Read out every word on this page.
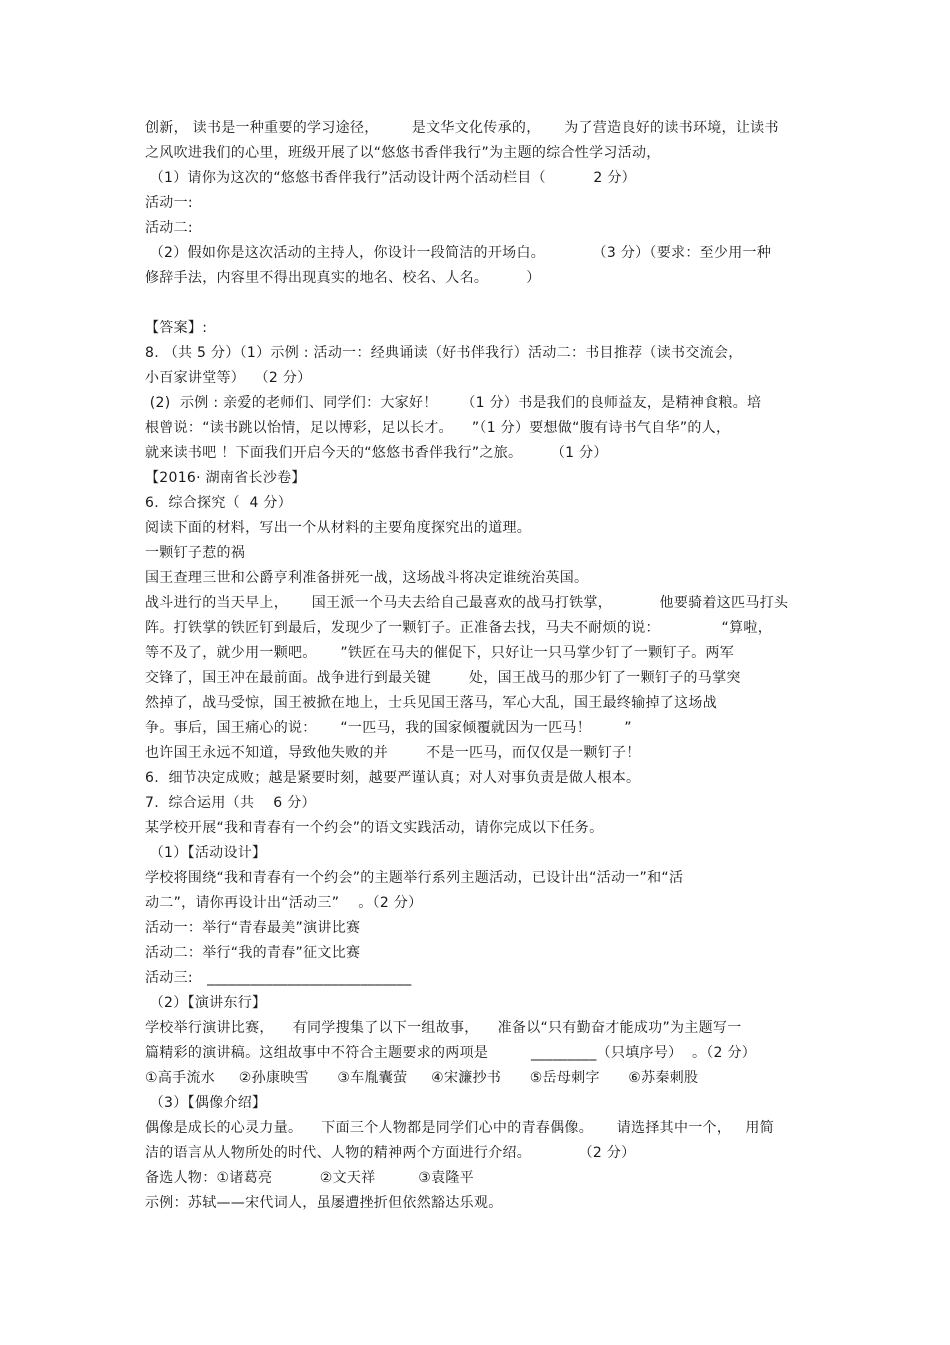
创新， 读书是一种重要的学习途径，       是文华文化传承的，     为了营造良好的读书环境，让读书
之风吹进我们的心里，班级开展了以“悠悠书香伴我行”为主题的综合性学习活动，
（1）请你为这次的“悠悠书香伴我行”活动设计两个活动栏目（          2 分）
活动一:
活动二:
（2）假如你是这次活动的主持人，你设计一段简洁的开场白。          （3 分）（要求：至少用一种
修辞手法，内容里不得出现真实的地名、校名、人名。        ）
【答案】:
8. （共 5 分）（1）示例 : 活动一：经典诵读（好书伴我行）活动二：书目推荐（读书交流会，
小百家讲堂等）  （2 分）
(2)  示例 : 亲爱的老师们、同学们：大家好！     （1 分）书是我们的良师益友，是精神食粮。培
根曾说：“读书跳以怡情，足以博彩，足以长才。    ”（1 分）要想做“腹有诗书气自华”的人，
就来读书吧 ！下面我们开启今天的“悠悠书香伴我行”之旅。      （1 分）
【2016· 湖南省长沙卷】
6.  综合探究（  4 分）
阅读下面的材料，写出一个从材料的主要角度探究出的道理。
一颗钉子惹的祸
国王查理三世和公爵亨利准备拼死一战，这场战斗将决定谁统治英国。
战斗进行的当天早上，     国王派一个马夫去给自己最喜欢的战马打铁掌，          他要骑着这匹马打头
阵。打铁掌的铁匠钉到最后，发现少了一颗钉子。正准备去找，马夫不耐烦的说：             “算啦，
等不及了，就少用一颗吧。     ”铁匠在马夫的催促下，只好让一只马掌少钉了一颗钉子。两军
交锋了，国王冲在最前面。战争进行到最关键        处，国王战马的那少钉了一颗钉子的马掌突
然掉了，战马受惊，国王被掀在地上，士兵见国王落马，军心大乱，国王最终输掉了这场战
争。事后，国王痛心的说：     “一匹马，我的国家倾覆就因为一匹马！       ”
也许国王永远不知道，导致他失败的并        不是一匹马，而仅仅是一颗钉子！
6.  细节决定成败；越是紧要时刻，越要严谨认真；对人对事负责是做人根本。
7.  综合运用（共    6 分）
某学校开展“我和青春有一个约会”的语文实践活动，请你完成以下任务。
（1）【活动设计】
学校将围绕“我和青春有一个约会”的主题举行系列主题活动，已设计出“活动一”和“活
动二”，请你再设计出“活动三”    。（2 分）
活动一：举行“青春最美”演讲比赛
活动二：举行“我的青春”征文比赛
活动三:   ____________________________
（2）【演讲东行】
学校举行演讲比赛，    有同学搜集了以下一组故事，    准备以“只有勤奋才能成功”为主题写一
篇精彩的演讲稿。这组故事中不符合主题要求的两项是         _________（只填序号）  。（2 分）
①高手流水     ②孙康映雪      ③车胤囊萤     ④宋濂抄书      ⑤岳母刺字      ⑥苏秦刺股
（3）【偶像介绍】
偶像是成长的心灵力量。    下面三个人物都是同学们心中的青春偶像。     请选择其中一个，   用简
洁的语言从人物所处的时代、人物的精神两个方面进行介绍。          （2 分）
备选人物：①诸葛亮          ②文天祥         ③袁隆平
示例：苏轼——宋代词人，虽屡遭挫折但依然豁达乐观。
